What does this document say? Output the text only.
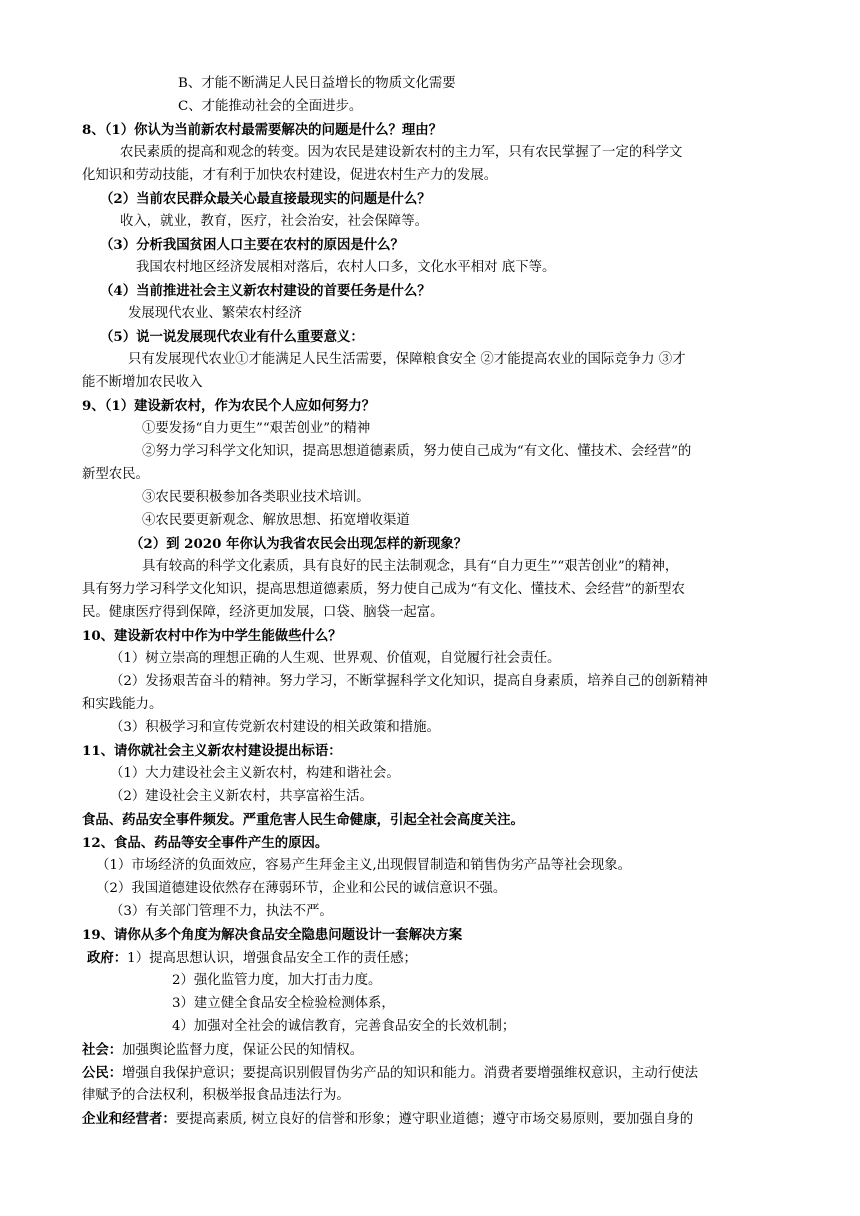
B、才能不断满足人民日益增长的物质文化需要
C、才能推动社会的全面进步。
8、（1）你认为当前新农村最需要解决的问题是什么？理由？
农民素质的提高和观念的转变。因为农民是建设新农村的主力军，只有农民掌握了一定的科学文
化知识和劳动技能，才有利于加快农村建设，促进农村生产力的发展。
（2）当前农民群众最关心最直接最现实的问题是什么？
收入，就业，教育，医疗，社会治安，社会保障等。
（3）分析我国贫困人口主要在农村的原因是什么？
我国农村地区经济发展相对落后，农村人口多，文化水平相对 底下等。
（4）当前推进社会主义新农村建设的首要任务是什么？
发展现代农业、繁荣农村经济
（5）说一说发展现代农业有什么重要意义：
只有发展现代农业①才能满足人民生活需要，保障粮食安全 ②才能提高农业的国际竞争力 ③才
能不断增加农民收入
9、（1）建设新农村，作为农民个人应如何努力？
①要发扬“自力更生”“艰苦创业”的精神
②努力学习科学文化知识，提高思想道德素质，努力使自己成为“有文化、懂技术、会经营”的
新型农民。
③农民要积极参加各类职业技术培训。
④农民要更新观念、解放思想、拓宽增收渠道
（2）到 2020 年你认为我省农民会出现怎样的新现象？
具有较高的科学文化素质，具有良好的民主法制观念，具有“自力更生”“艰苦创业”的精神，
具有努力学习科学文化知识，提高思想道德素质，努力使自己成为“有文化、懂技术、会经营”的新型农
民。健康医疗得到保障，经济更加发展，口袋、脑袋一起富。
10、建设新农村中作为中学生能做些什么？
（1）树立崇高的理想正确的人生观、世界观、价值观，自觉履行社会责任。
（2）发扬艰苦奋斗的精神。努力学习，不断掌握科学文化知识，提高自身素质，培养自己的创新精神
和实践能力。
（3）积极学习和宣传党新农村建设的相关政策和措施。
11、请你就社会主义新农村建设提出标语：
（1）大力建设社会主义新农村，构建和谐社会。
（2）建设社会主义新农村，共享富裕生活。
食品、药品安全事件频发。严重危害人民生命健康，引起全社会高度关注。
12、食品、药品等安全事件产生的原因。
（1）市场经济的负面效应，容易产生拜金主义,出现假冒制造和销售伪劣产品等社会现象。
（2）我国道德建设依然存在薄弱环节，企业和公民的诚信意识不强。
（3）有关部门管理不力，执法不严。
19、请你从多个角度为解决食品安全隐患问题设计一套解决方案
政府：1）提高思想认识，增强食品安全工作的责任感；
2）强化监管力度，加大打击力度。
3）建立健全食品安全检验检测体系，
4）加强对全社会的诚信教育，完善食品安全的长效机制；
社会：加强舆论监督力度，保证公民的知情权。
公民：增强自我保护意识；要提高识别假冒伪劣产品的知识和能力。消费者要增强维权意识，主动行使法
律赋予的合法权利，积极举报食品违法行为。
企业和经营者：要提高素质, 树立良好的信誉和形象；遵守职业道德；遵守市场交易原则，要加强自身的
